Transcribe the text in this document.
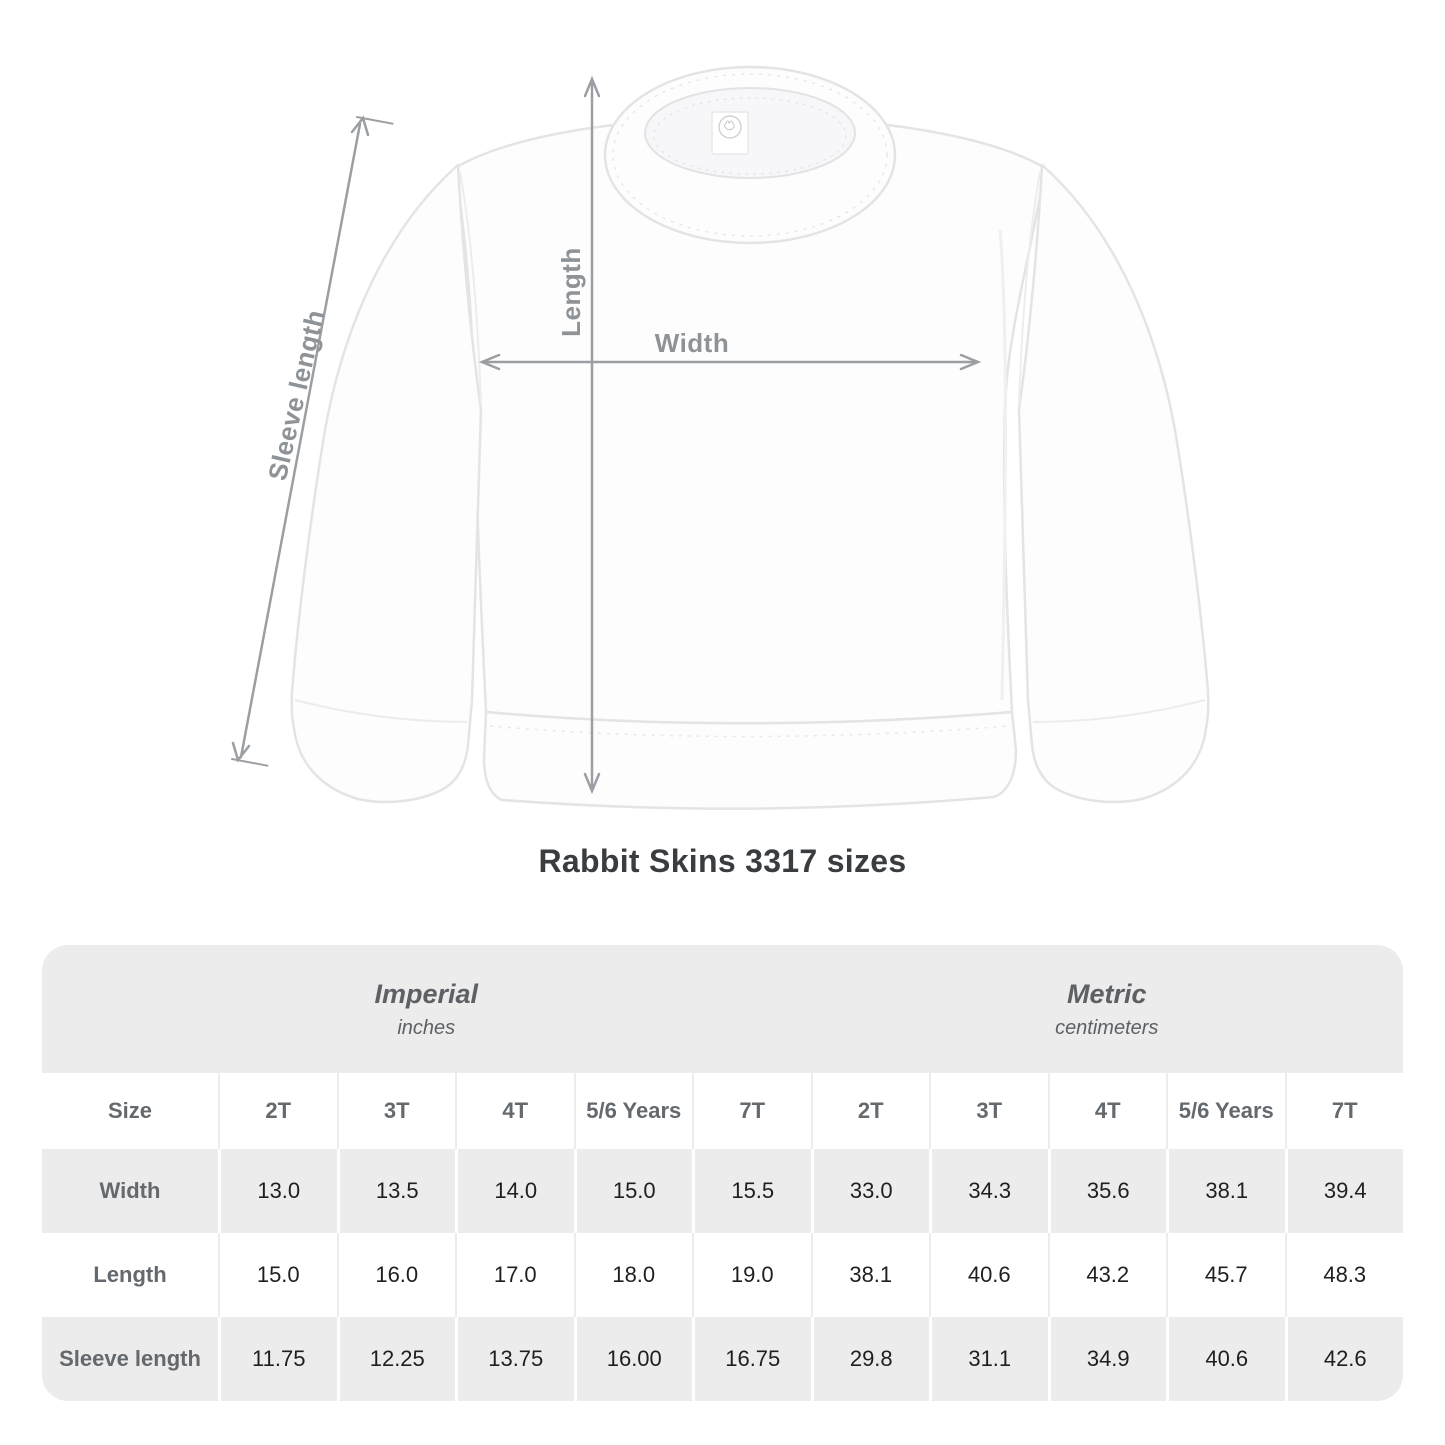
Length
Width
Sleeve length
Rabbit Skins 3317 sizes
Imperial
inches
Metric
centimeters
Size	2T	3T	4T	5/6 Years	7T	2T	3T	4T	5/6 Years	7T
Width	13.0	13.5	14.0	15.0	15.5	33.0	34.3	35.6	38.1	39.4
Length	15.0	16.0	17.0	18.0	19.0	38.1	40.6	43.2	45.7	48.3
Sleeve length	11.75	12.25	13.75	16.00	16.75	29.8	31.1	34.9	40.6	42.6
